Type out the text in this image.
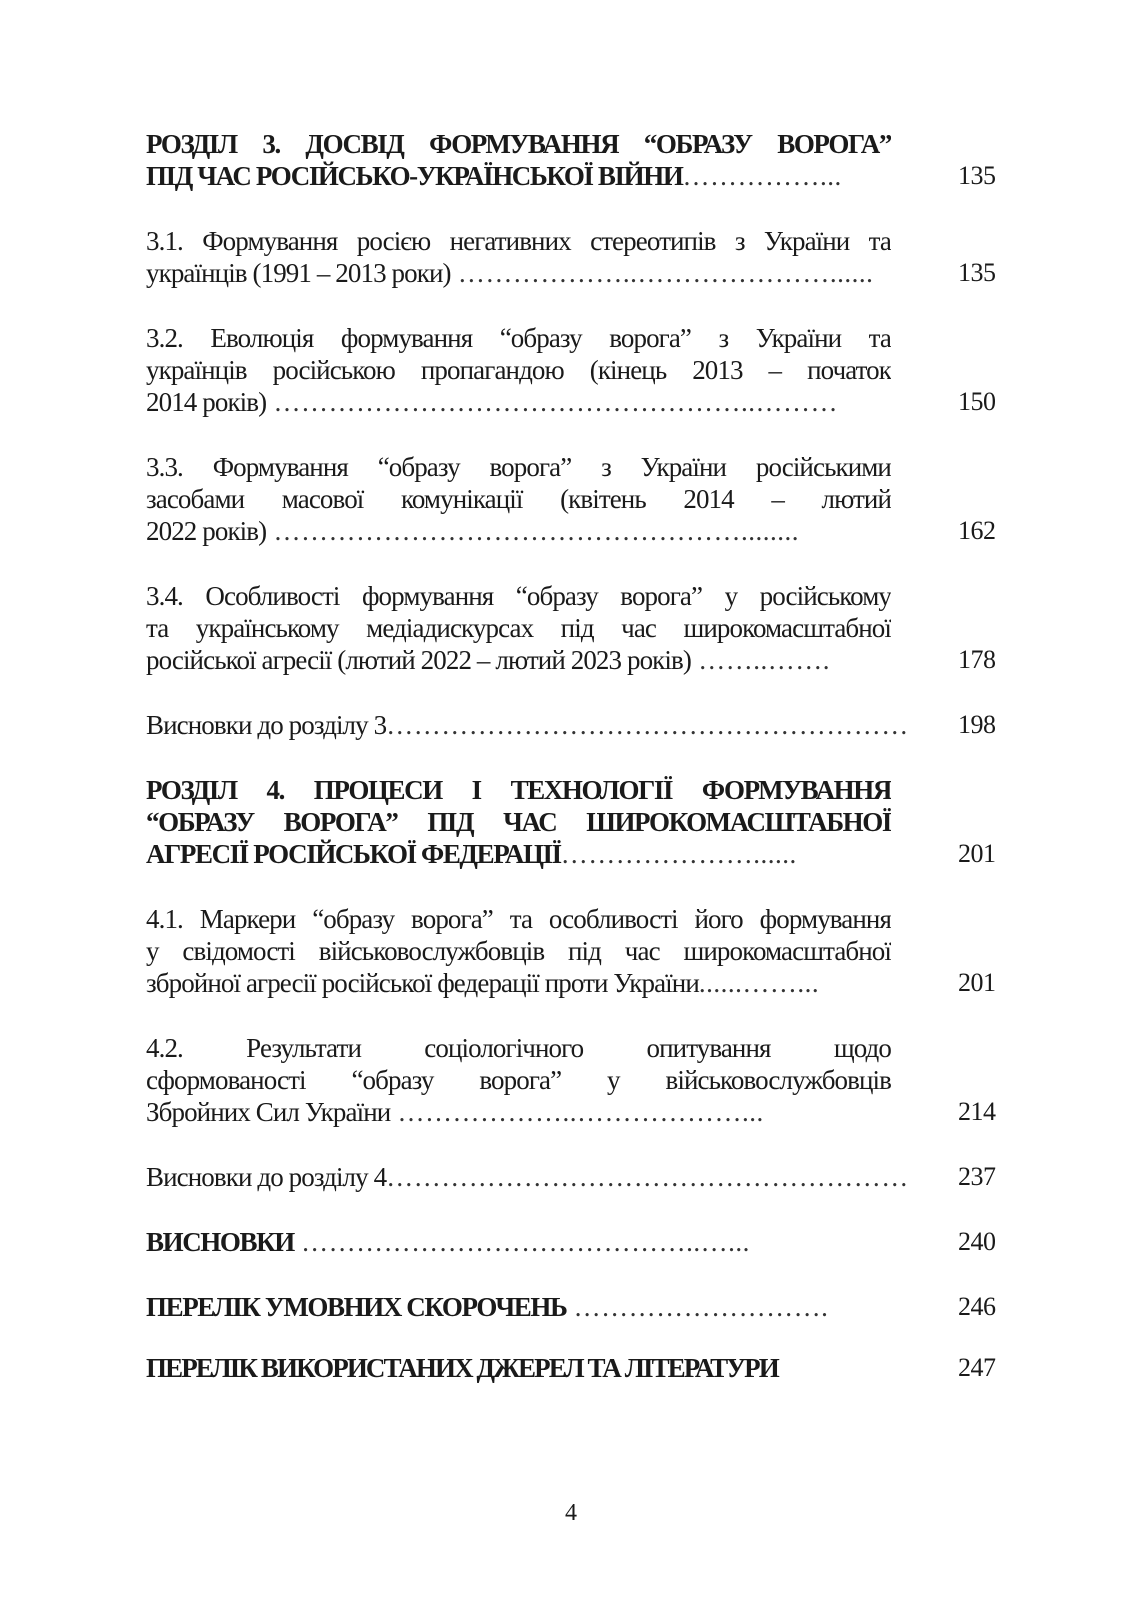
РОЗДІЛ 3. ДОСВІД ФОРМУВАННЯ “ОБРАЗУ ВОРОГА”
ПІД ЧАС РОСІЙСЬКО-УКРАЇНСЬКОЇ ВІЙНИ……………...	135
3.1. Формування росією негативних стереотипів з України та
українців (1991 – 2013 роки) ………………..…………………......	135
3.2. Еволюція формування “образу ворога” з України та
українців російською пропагандою (кінець 2013 – початок
2014 років) ……………………………………………..………	150
3.3. Формування “образу ворога” з України російськими
засобами масової комунікації (квітень 2014 – лютий
2022 років) ……………………………………………........	162
3.4. Особливості формування “образу ворога” у російському
та українському медіадискурсах під час широкомасштабної
російської агресії (лютий 2022 – лютий 2023 років) ……..…….	178
Висновки до розділу 3………………………………………………… 198
РОЗДІЛ 4. ПРОЦЕСИ І ТЕХНОЛОГІЇ ФОРМУВАННЯ
“ОБРАЗУ ВОРОГА” ПІД ЧАС ШИРОКОМАСШТАБНОЇ
АГРЕСІЇ РОСІЙСЬКОЇ ФЕДЕРАЦІЇ…………………......	201
4.1. Маркери “образу ворога” та особливості його формування
у свідомості військовослужбовців під час широкомасштабної
збройної агресії російської федерації проти України......……...	201
4.2. Результати соціологічного опитування щодо
сформованості “образу ворога” у військовослужбовців
Збройних Сил України ………………..………………...	214
Висновки до розділу 4………………………………………………… 237
ВИСНОВКИ ……………………………………..…...	240
ПЕРЕЛІК УМОВНИХ СКОРОЧЕНЬ ……………………….	246
ПЕРЕЛІК ВИКОРИСТАНИХ ДЖЕРЕЛ ТА ЛІТЕРАТУРИ	247
4
